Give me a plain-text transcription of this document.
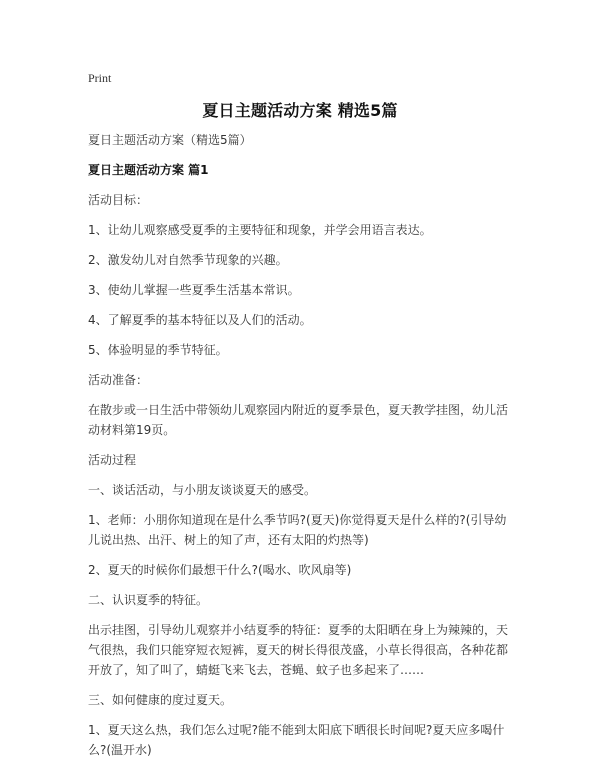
Print
夏日主题活动方案 精选5篇

夏日主题活动方案（精选5篇）

夏日主题活动方案 篇1

活动目标：

1、让幼儿观察感受夏季的主要特征和现象，并学会用语言表达。

2、激发幼儿对自然季节现象的兴趣。

3、使幼儿掌握一些夏季生活基本常识。

4、了解夏季的基本特征以及人们的活动。

5、体验明显的季节特征。

活动准备：

在散步或一日生活中带领幼儿观察园内附近的夏季景色，夏天教学挂图，幼儿活动材料第19页。

活动过程

一、谈话活动，与小朋友谈谈夏天的感受。

1、老师：小朋你知道现在是什么季节吗?(夏天)你觉得夏天是什么样的?(引导幼儿说出热、出汗、树上的知了声，还有太阳的灼热等)

2、夏天的时候你们最想干什么?(喝水、吹风扇等)

二、认识夏季的特征。

出示挂图，引导幼儿观察并小结夏季的特征：夏季的太阳晒在身上为辣辣的，天气很热，我们只能穿短衣短裤，夏天的树长得很茂盛，小草长得很高，各种花都开放了，知了叫了，蜻蜓飞来飞去，苍蝇、蚊子也多起来了……

三、如何健康的度过夏天。

1、夏天这么热，我们怎么过呢?能不能到太阳底下晒很长时间呢?夏天应多喝什么?(温开水)
